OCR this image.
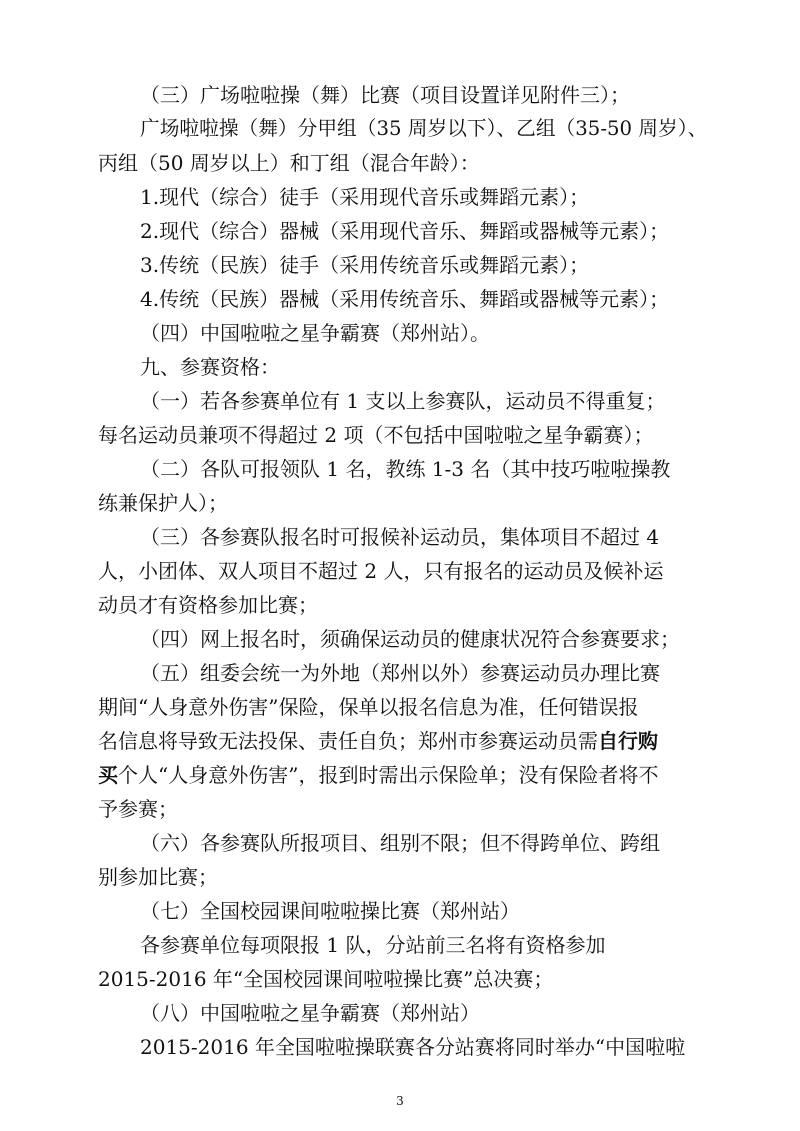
（三）广场啦啦操（舞）比赛（项目设置详见附件三）；
广场啦啦操（舞）分甲组（35 周岁以下）、乙组（35-50 周岁）、
丙组（50 周岁以上）和丁组（混合年龄）：
1.现代（综合）徒手（采用现代音乐或舞蹈元素）；
2.现代（综合）器械（采用现代音乐、舞蹈或器械等元素）；
3.传统（民族）徒手（采用传统音乐或舞蹈元素）；
4.传统（民族）器械（采用传统音乐、舞蹈或器械等元素）；
（四）中国啦啦之星争霸赛（郑州站）。
九、参赛资格：
（一）若各参赛单位有 1 支以上参赛队，运动员不得重复；
每名运动员兼项不得超过 2 项（不包括中国啦啦之星争霸赛）；
（二）各队可报领队 1 名，教练 1-3 名（其中技巧啦啦操教
练兼保护人）；
（三）各参赛队报名时可报候补运动员，集体项目不超过 4
人，小团体、双人项目不超过 2 人，只有报名的运动员及候补运
动员才有资格参加比赛；
（四）网上报名时，须确保运动员的健康状况符合参赛要求；
（五）组委会统一为外地（郑州以外）参赛运动员办理比赛
期间“人身意外伤害”保险，保单以报名信息为准，任何错误报
名信息将导致无法投保、责任自负；郑州市参赛运动员需自行购
买个人“人身意外伤害”，报到时需出示保险单；没有保险者将不
予参赛；
（六）各参赛队所报项目、组别不限；但不得跨单位、跨组
别参加比赛；
（七）全国校园课间啦啦操比赛（郑州站）
各参赛单位每项限报 1 队，分站前三名将有资格参加
2015-2016 年“全国校园课间啦啦操比赛”总决赛；
（八）中国啦啦之星争霸赛（郑州站）
2015-2016 年全国啦啦操联赛各分站赛将同时举办“中国啦啦
3
